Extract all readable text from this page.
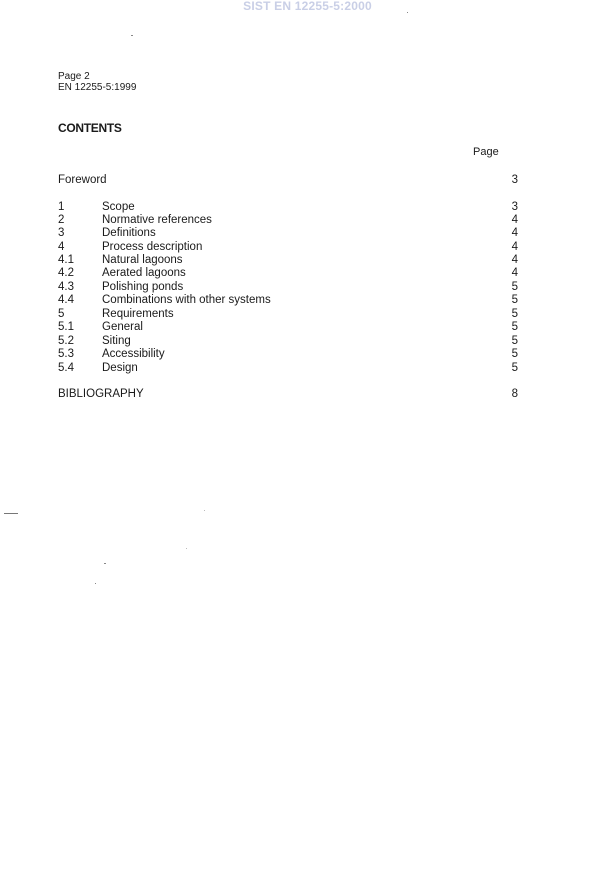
SIST EN 12255-5:2000
Page 2
EN 12255-5:1999
CONTENTS
Page
Foreword	3
1	Scope	3
2	Normative references	4
3	Definitions	4
4	Process description	4
4.1 Natural lagoons	4
4.2 Aerated lagoons	4
4.3 Polishing ponds	5
4.4 Combinations with other systems	5
5	Requirements	5
5.1 General	5
5.2 Siting	5
5.3 Accessibility	5
5.4 Design	5
BIBLIOGRAPHY	8
